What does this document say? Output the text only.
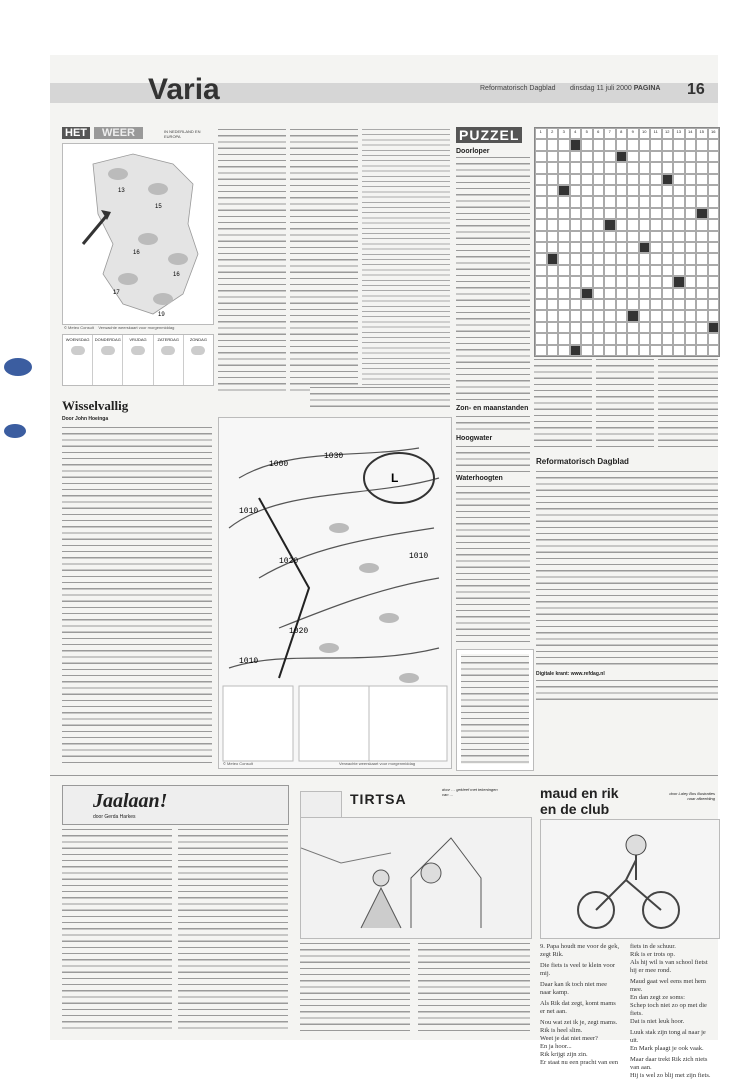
Varia	Reformatorisch Dagblad dinsdag 11 juli 2000 PAGINA 16
HET	WEER	IN NEDERLAND EN EUROPA
13
15
16
16
17
19
© Meteo Consult Verwachte weerskaart voor morgenmiddag
WOENSDAG	DONDERDAG	VRIJDAG	ZATERDAG	ZONDAG
Wisselvallig
Door John Hoeinga
1000
1010
1020
1030
1010
1020
1010
L
© Meteo Consult	Verwachte weerskaart voor morgenmiddag
PUZZEL
Doorloper
1	2	3	4	5	6	7	8	9	10	11	12	13	14	15	16
Zon- en maanstanden
Hoogwater
Waterhoogten
Reformatorisch Dagblad
Digitale krant: www.refdag.nl
Jaalaan!
door Gerda Harkes
TIRTSA
door … gekleef met tekeningen van …	maud en rik
en de club
door Laley Bos illustraties naar afbeelding
9. Papa houdt me voor de gek,
zegt Rik.
Die fiets is veel te klein voor
mij.
Daar kan ik toch niet mee
naar kamp.
Als Rik dat zegt, komt mams
er net aan.
Nou wat zei ik je, zegt mams.
Rik is heel slim.
Weet je dat niet meer?
En ja hoor...
Rik krijgt zijn zin.
Er staat nu een pracht van een
fiets in de schuur.
Rik is er trots op.
Als hij wil is van school fietst
hij er mee rond.
Maud gaat wel eens met hem
mee.
En dan zegt ze soms:
Schep toch niet zo op met die
fiets.
Dat is niet leuk hoor.
Luuk stak zijn tong al naar je
uit.
En Mark plaagt je ook vaak.
Maar daar trekt Rik zich niets
van aan.
Hij is wel zo blij met zijn fiets.
